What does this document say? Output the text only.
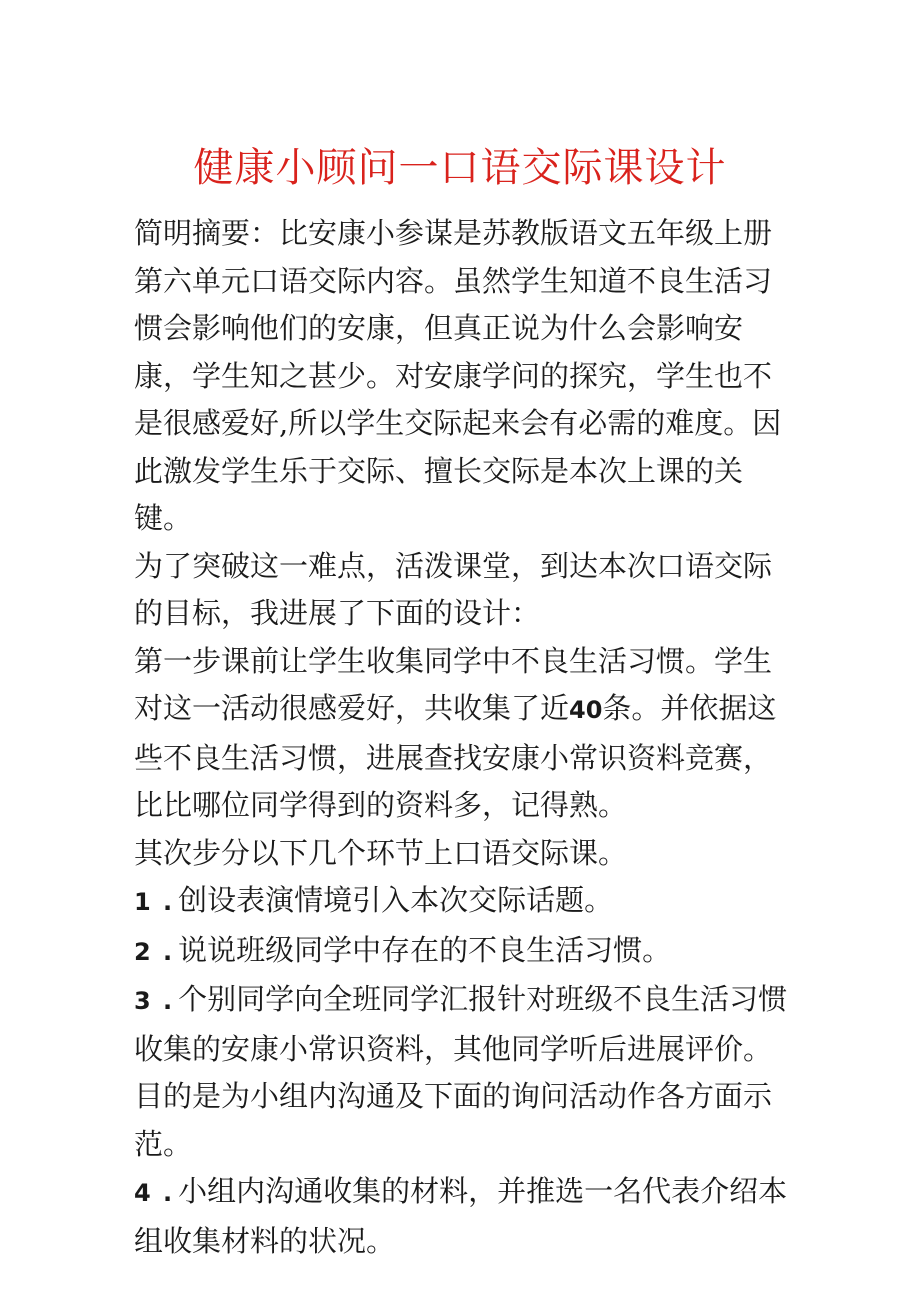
健康小顾问一口语交际课设计

简明摘要：比安康小参谋是苏教版语文五年级上册第六单元口语交际内容。虽然学生知道不良生活习惯会影响他们的安康，但真正说为什么会影响安康，学生知之甚少。对安康学问的探究，学生也不是很感爱好,所以学生交际起来会有必需的难度。因此激发学生乐于交际、擅长交际是本次上课的关键。

为了突破这一难点，活泼课堂，到达本次口语交际的目标，我进展了下面的设计：

第一步课前让学生收集同学中不良生活习惯。学生对这一活动很感爱好，共收集了近40条。并依据这些不良生活习惯，进展查找安康小常识资料竞赛，比比哪位同学得到的资料多，记得熟。

其次步分以下几个环节上口语交际课。

1 . 创设表演情境引入本次交际话题。

2 . 说说班级同学中存在的不良生活习惯。

3 . 个别同学向全班同学汇报针对班级不良生活习惯收集的安康小常识资料，其他同学听后进展评价。目的是为小组内沟通及下面的询问活动作各方面示范。

4 . 小组内沟通收集的材料，并推选一名代表介绍本组收集材料的状况。
